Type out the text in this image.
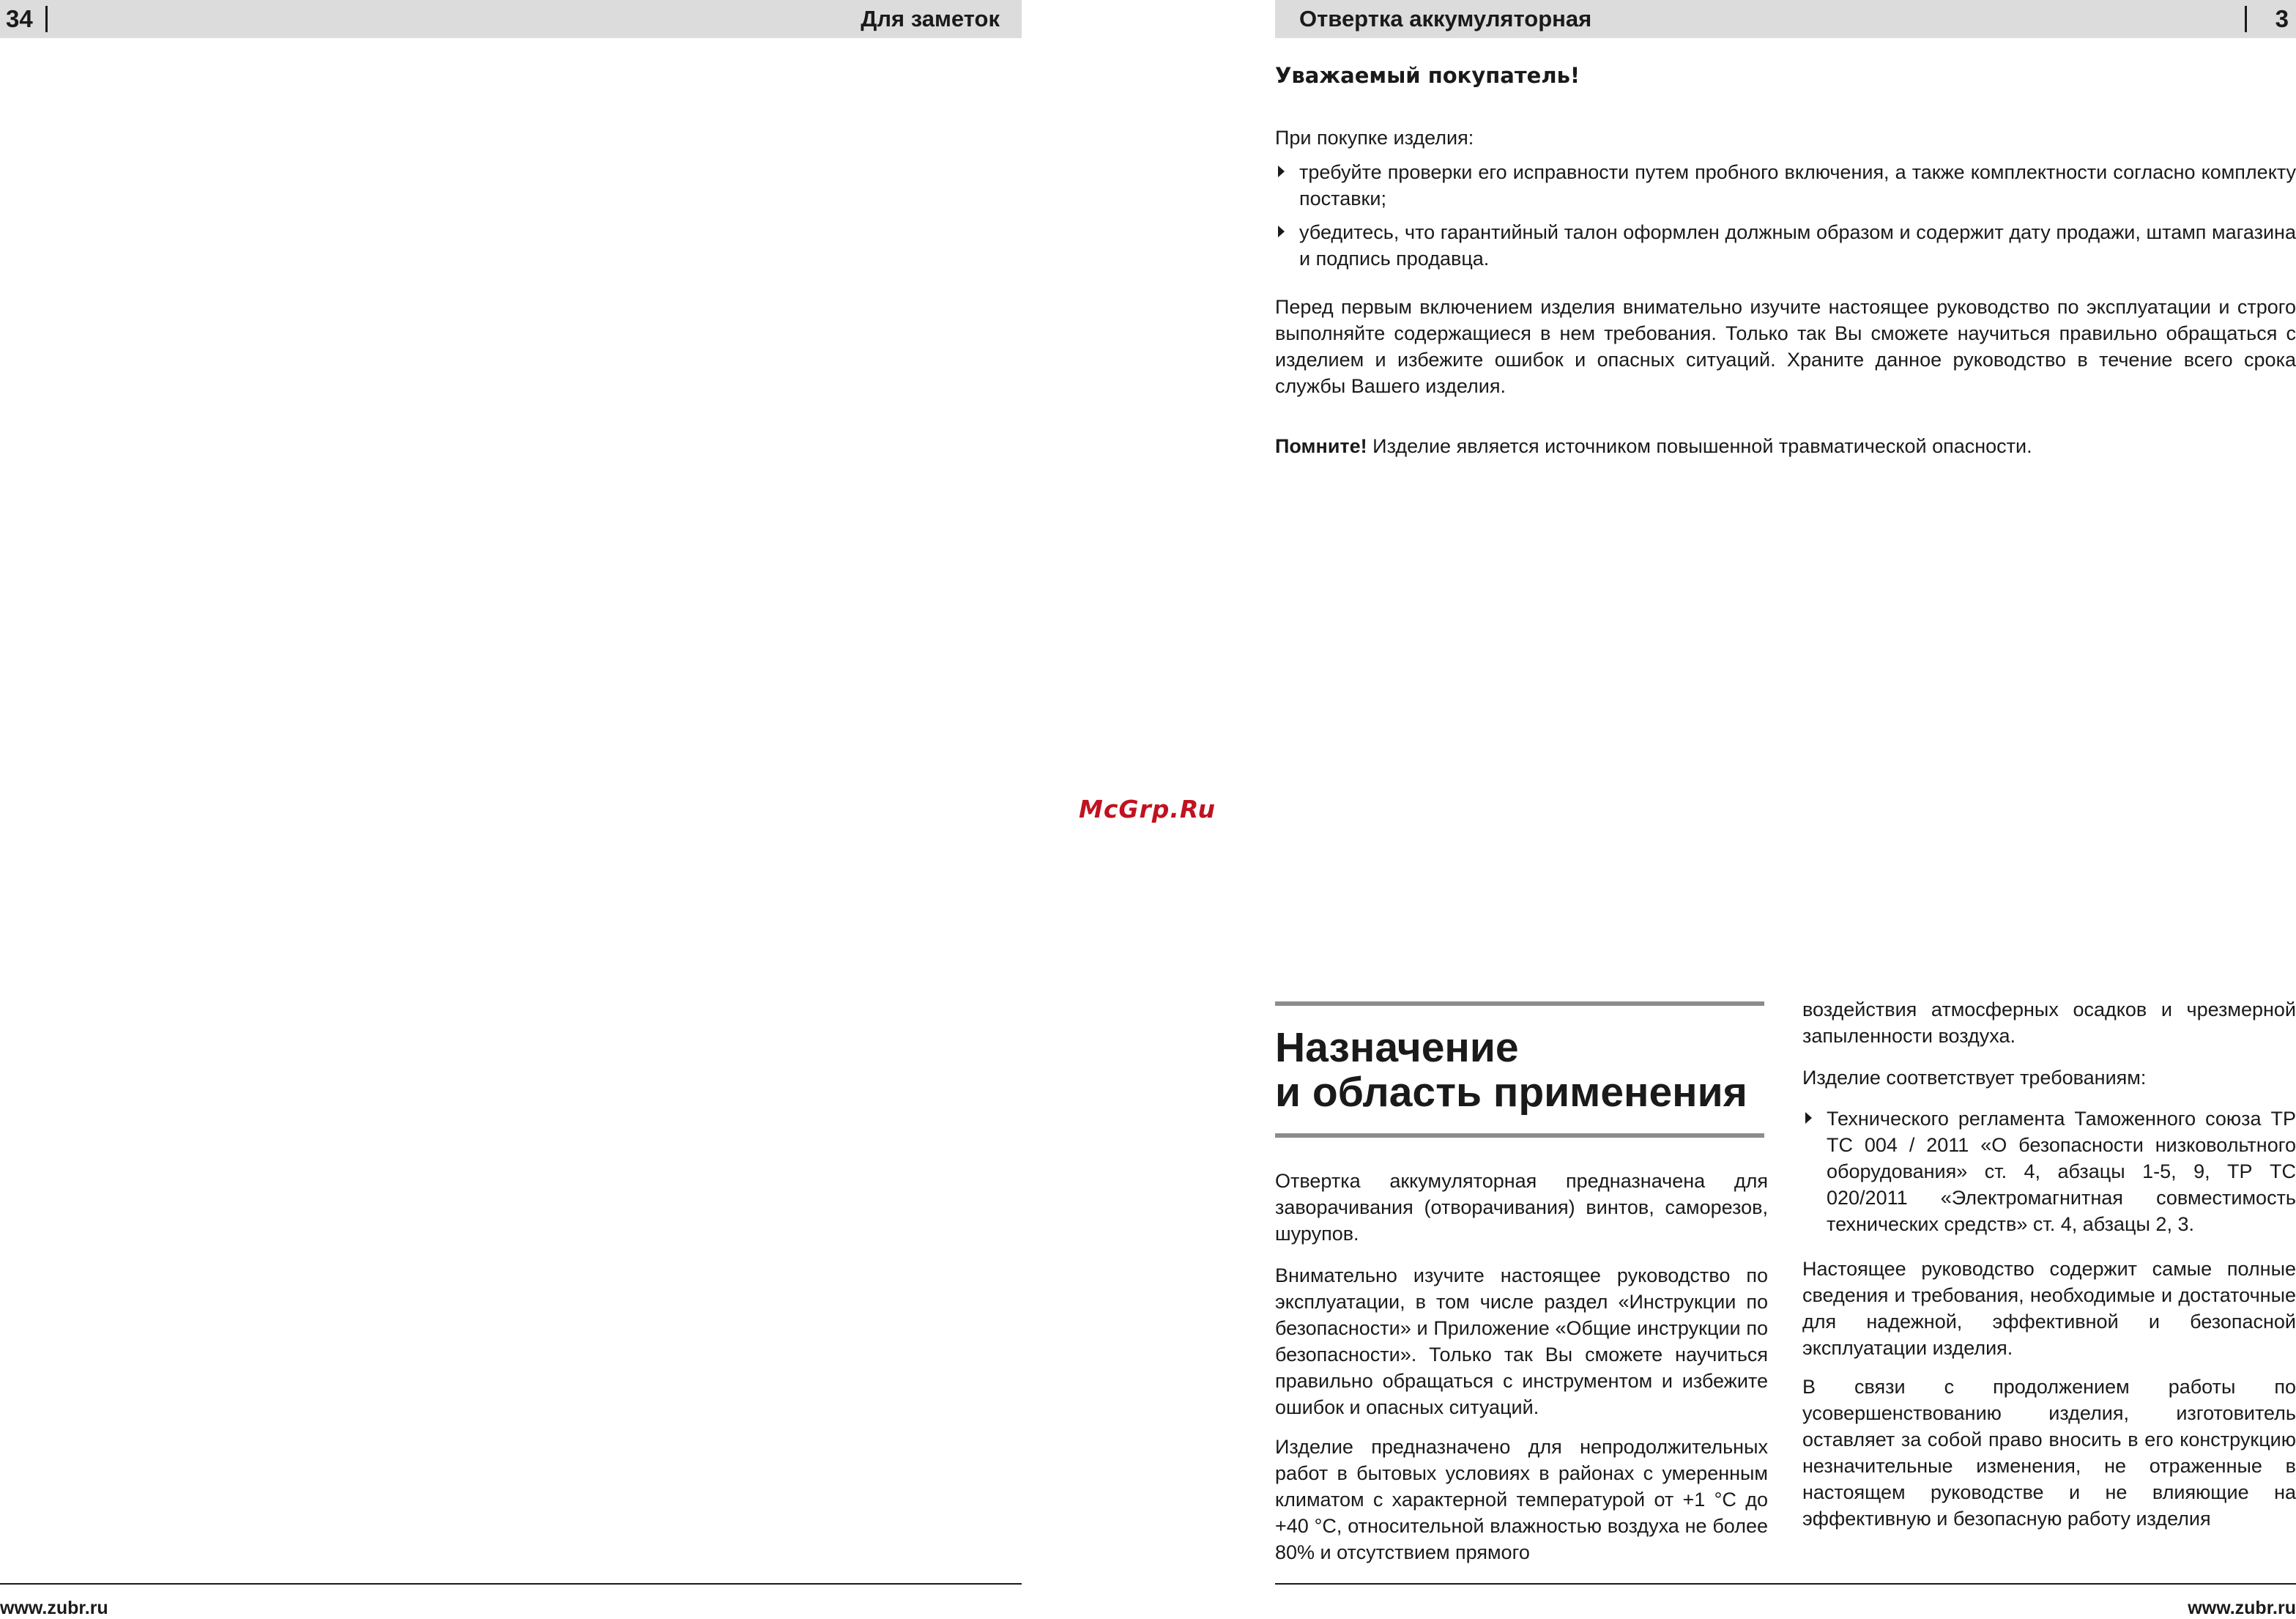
34	Для заметок
www.zubr.ru
McGrp.Ru
Отвертка аккумуляторная	3
Уважаемый покупатель!
При покупке изделия:
требуйте проверки его исправности путем пробного включения, а также комплектности согласно комплекту поставки;
убедитесь, что гарантийный талон оформлен должным образом и содержит дату продажи, штамп магазина и подпись продавца.
Перед первым включением изделия внимательно изучите настоящее руководство по эксплуатации и строго выполняйте содержащиеся в нем требования. Только так Вы сможете научиться правильно обращаться с изделием и избежите ошибок и опасных ситуаций. Храните данное руководство в течение всего срока службы Вашего изделия.
Помните! Изделие является источником повышенной травматической опасности.
Назначение
и область применения
Отвертка аккумуляторная предназначена для заворачивания (отворачивания) винтов, саморезов, шурупов.
Внимательно изучите настоящее руководство по эксплуатации, в том числе раздел «Инструкции по безопасности» и Приложение «Общие инструкции по безопасности». Только так Вы сможете научиться правильно обращаться с инструментом и избежите ошибок и опасных ситуаций.
Изделие предназначено для непродолжительных работ в бытовых условиях в районах с умеренным климатом с характерной температурой от +1 °С до +40 °С, относительной влажностью воздуха не более 80% и отсутствием прямого
воздействия атмосферных осадков и чрезмерной запыленности воздуха.
Изделие соответствует требованиям:
Технического регламента Таможенного союза ТР ТС 004 / 2011 «О безопасности низковольтного оборудования» ст. 4, абзацы 1-5, 9, ТР ТС 020/2011 «Электромагнитная совместимость технических средств» ст. 4, абзацы 2, 3.
Настоящее руководство содержит самые полные сведения и требования, необходимые и достаточные для надежной, эффективной и безопасной эксплуатации изделия.
В связи с продолжением работы по усовершенствованию изделия, изготовитель оставляет за собой право вносить в его конструкцию незначительные изменения, не отраженные в настоящем руководстве и не влияющие на эффективную и безопасную работу изделия
www.zubr.ru
